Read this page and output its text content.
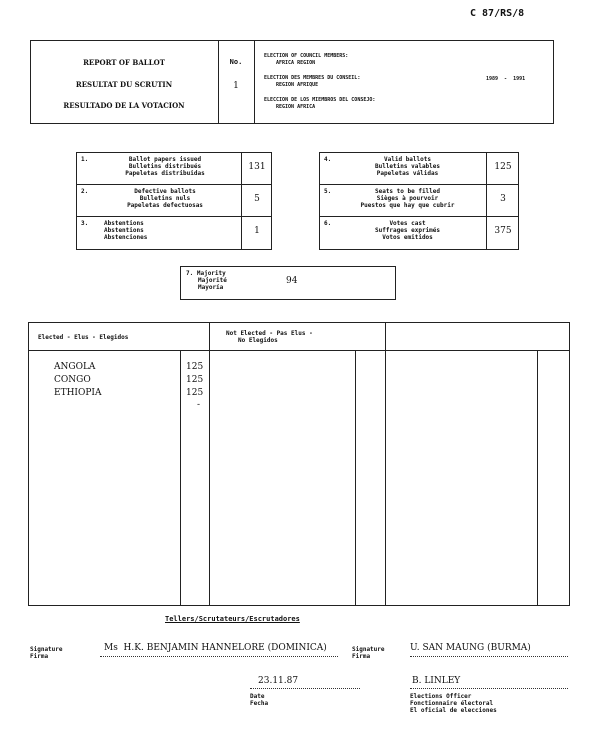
C 87/RS/8
REPORT OF BALLOT
RESULTAT DU SCRUTIN
RESULTADO DE LA VOTACION
No.
1
ELECTION OF COUNCIL MEMBERS:
AFRICA REGION
ELECTION DES MEMBRES DU CONSEIL:
REGION AFRIQUE
ELECCION DE LOS MIEMBROS DEL CONSEJO:
REGION AFRICA
1989  -  1991
1.	Ballot papers issued
Bulletins distribués
Papeletas distribuidas
131
2.	Defective ballots
Bulletins nuls
Papeletas defectuosas
5
3.	Abstentions
Abstentions
Abstenciones
1
4.	Valid ballots
Bulletins valables
Papeletas válidas
125
5.	Seats to be filled
Sièges à pourvoir
Puestos que hay que cubrir
3
6.	Votes cast
Suffrages exprimés
Votos emitidos
375
7. Majority
Majorité
Mayoría
94
Elected - Elus - Elegidos
Not Elected - Pas Elus -
No Elegidos
ANGOLA	125
CONGO	125
ETHIOPIA	125
-
Tellers/Scrutateurs/Escrutadores
Signature
Firma
Ms  H.K. BENJAMIN HANNELORE (DOMINICA)	Signature
Firma
U. SAN MAUNG (BURMA)
23.11.87
Date
Fecha
B. LINLEY
Elections Officer
Fonctionnaire électoral
El oficial de elecciones
